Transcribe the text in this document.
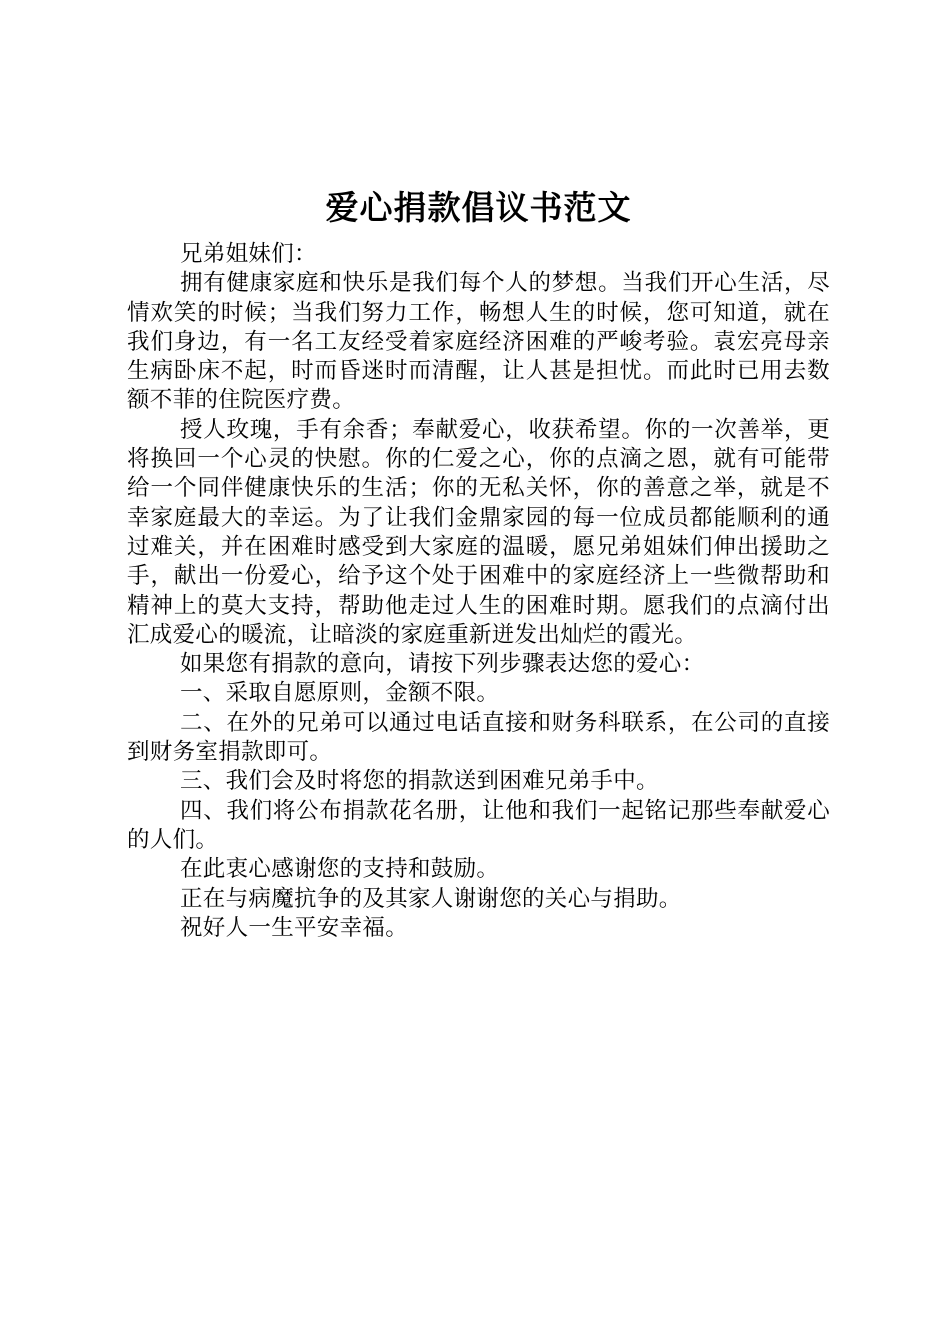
爱心捐款倡议书范文

兄弟姐妹们：

拥有健康家庭和快乐是我们每个人的梦想。当我们开心生活，尽情欢笑的时候；当我们努力工作，畅想人生的时候，您可知道，就在我们身边，有一名工友经受着家庭经济困难的严峻考验。袁宏亮母亲生病卧床不起，时而昏迷时而清醒，让人甚是担忧。而此时已用去数额不菲的住院医疗费。

授人玫瑰，手有余香；奉献爱心，收获希望。你的一次善举，更将换回一个心灵的快慰。你的仁爱之心，你的点滴之恩，就有可能带给一个同伴健康快乐的生活；你的无私关怀，你的善意之举，就是不幸家庭最大的幸运。为了让我们金鼎家园的每一位成员都能顺利的通过难关，并在困难时感受到大家庭的温暖，愿兄弟姐妹们伸出援助之手，献出一份爱心，给予这个处于困难中的家庭经济上一些微帮助和精神上的莫大支持，帮助他走过人生的困难时期。愿我们的点滴付出汇成爱心的暖流，让暗淡的家庭重新迸发出灿烂的霞光。

如果您有捐款的意向，请按下列步骤表达您的爱心：

一、采取自愿原则，金额不限。

二、在外的兄弟可以通过电话直接和财务科联系，在公司的直接到财务室捐款即可。

三、我们会及时将您的捐款送到困难兄弟手中。

四、我们将公布捐款花名册，让他和我们一起铭记那些奉献爱心的人们。

在此衷心感谢您的支持和鼓励。

正在与病魔抗争的及其家人谢谢您的关心与捐助。

祝好人一生平安幸福。
